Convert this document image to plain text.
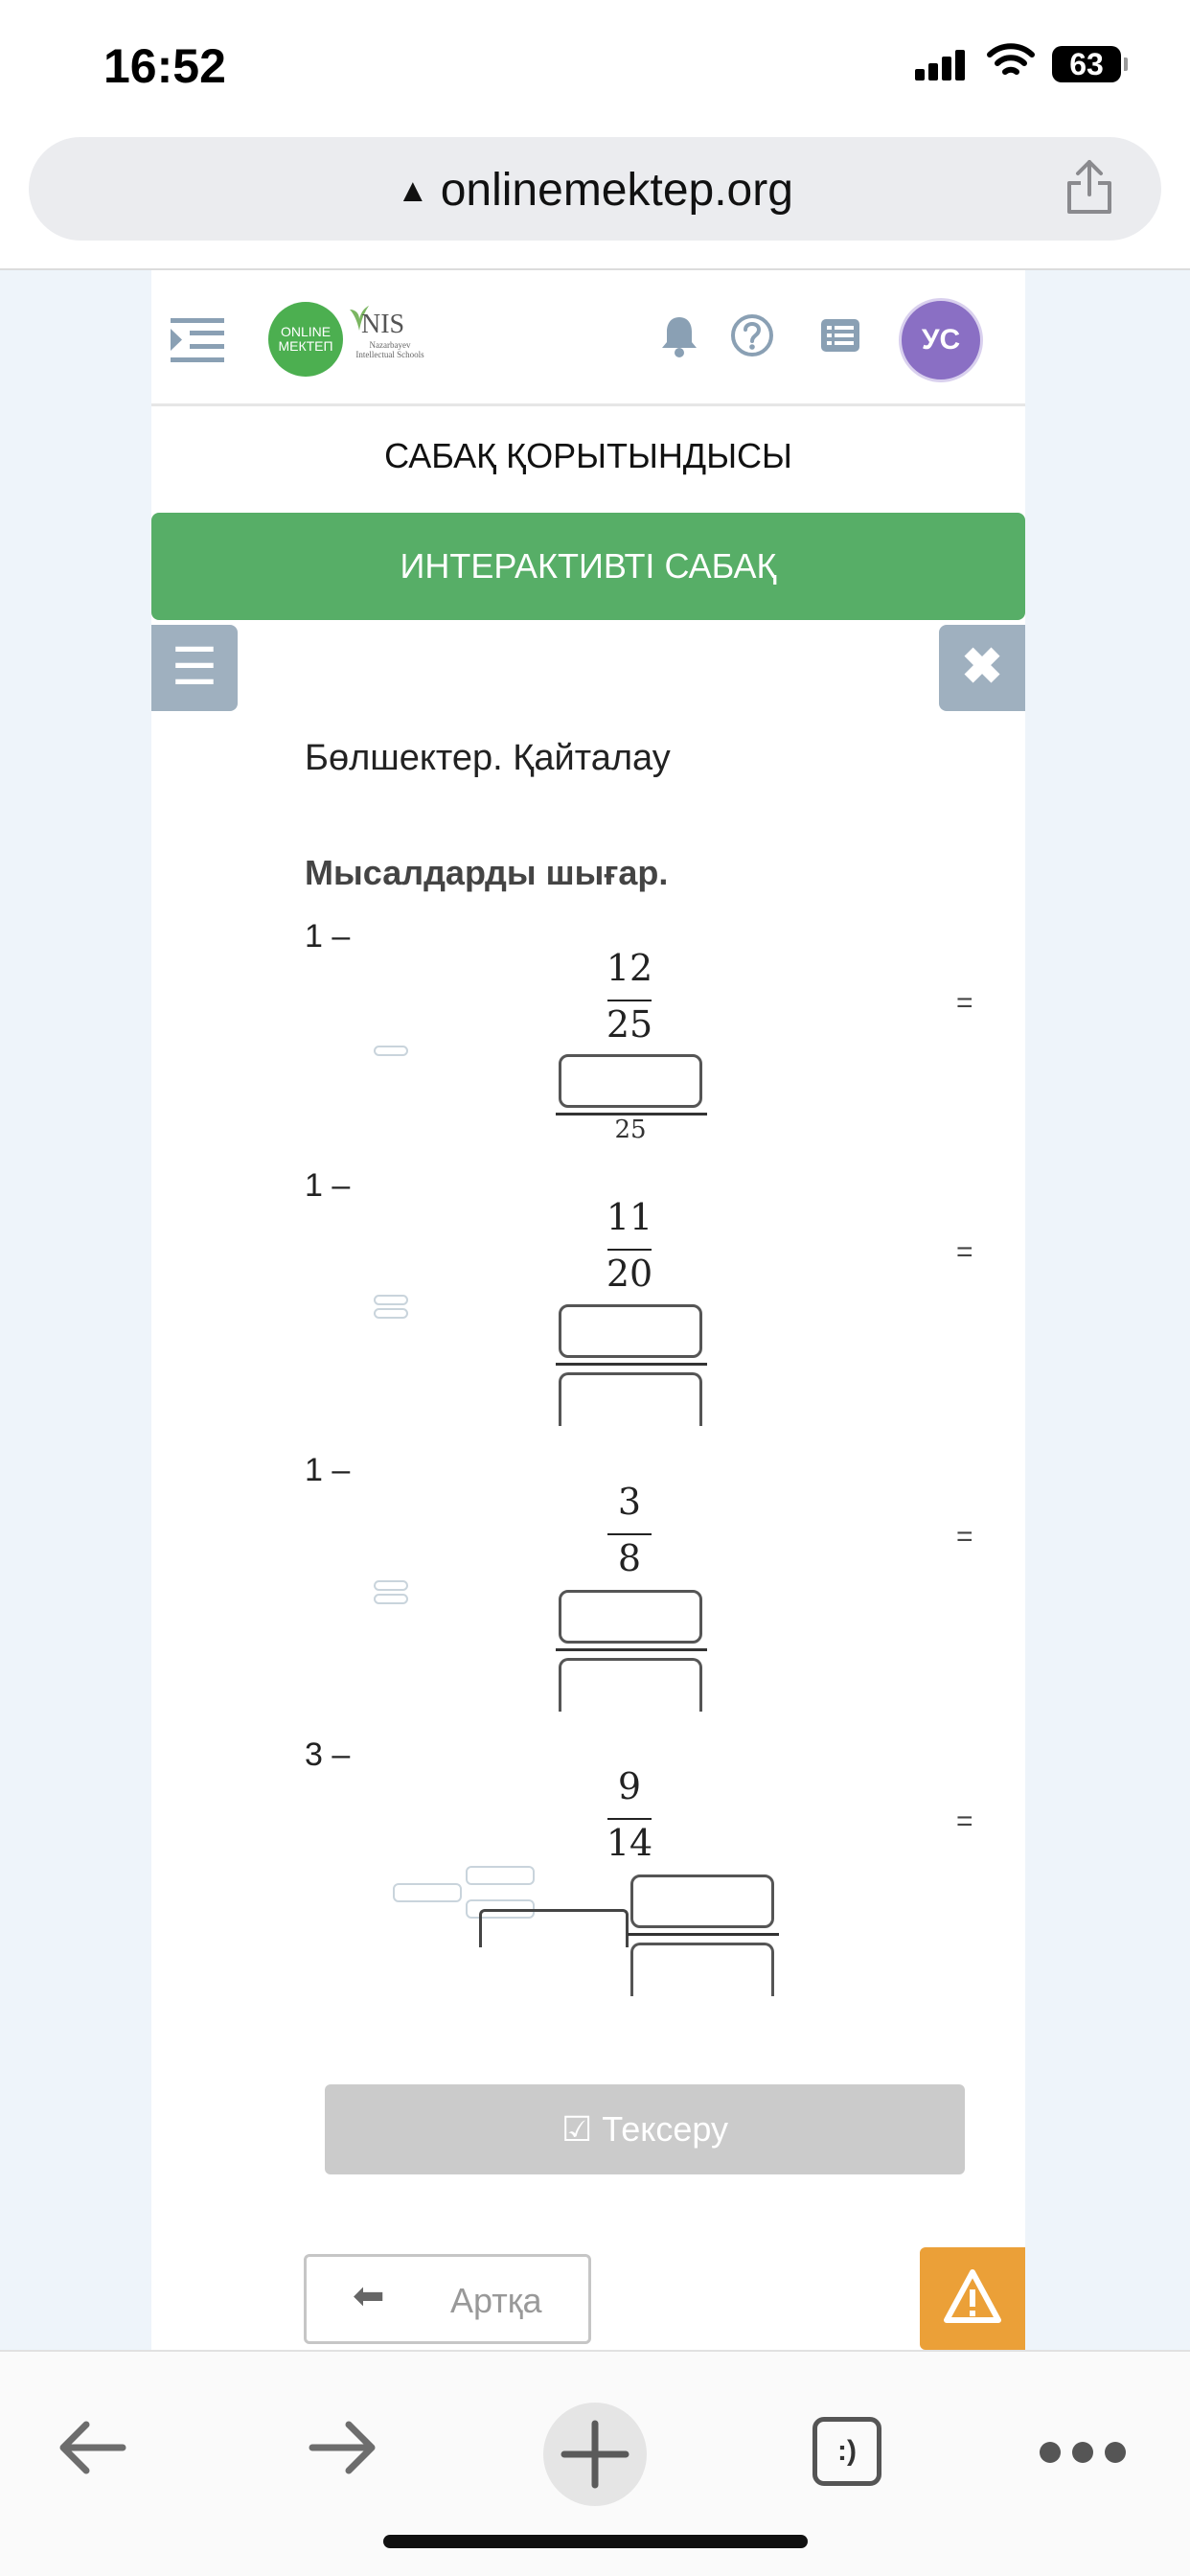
16:52	63
▲ onlinemektep.org
ONLINE МЕКТЕП
NIS
Nazarbayev Intellectual Schools	УС
САБАҚ ҚОРЫТЫНДЫСЫ
ИНТЕРАКТИВТІ САБАҚ
☰	✖
Бөлшектер. Қайталау
Мысалдарды шығар.
1 –
12
25
=
25
1 –
11
20
=
1 –
3
8
=
3 –
9
14
=
☑ Тексеру
⬅ Артқа
:)
